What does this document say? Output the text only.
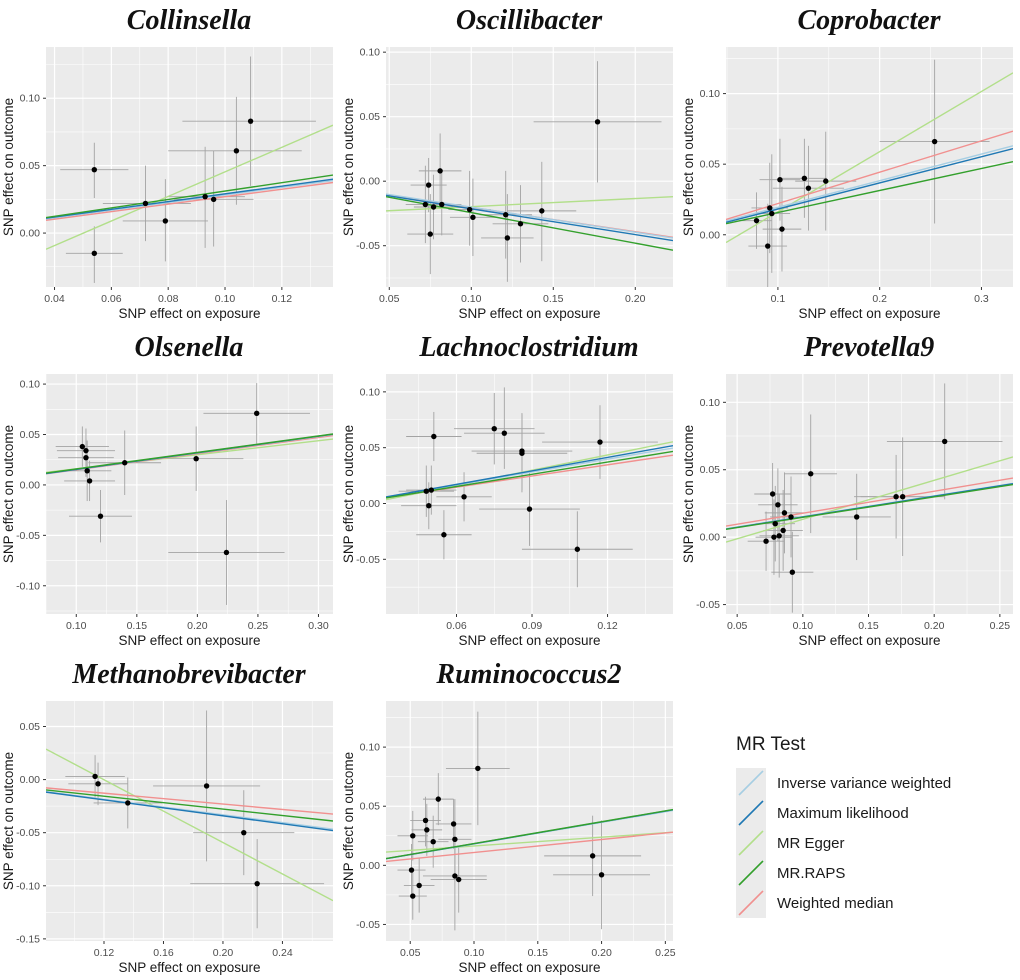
Collinsella
0.04	0.06	0.08	0.10	0.12
0.00
0.05
0.10
SNP effect on exposure
SNP effect on outcome
Oscillibacter
0.05	0.10	0.15	0.20
-0.05
0.00
0.05
0.10
SNP effect on exposure
SNP effect on outcome
Coprobacter
0.1	0.2	0.3
0.00
0.05
0.10
SNP effect on exposure
SNP effect on outcome
Olsenella
0.10	0.15	0.20	0.25	0.30
-0.10
-0.05
0.00
0.05
0.10
SNP effect on exposure
SNP effect on outcome
Lachnoclostridium
0.06	0.09	0.12
-0.05
0.00
0.05
0.10
SNP effect on exposure
SNP effect on outcome
Prevotella9
0.05	0.10	0.15	0.20	0.25
-0.05
0.00
0.05
0.10
SNP effect on exposure
SNP effect on outcome
Methanobrevibacter
0.12	0.16	0.20	0.24
-0.15
-0.10
-0.05
0.00
0.05
SNP effect on exposure
SNP effect on outcome
Ruminococcus2
0.05	0.10	0.15	0.20	0.25
-0.05
0.00
0.05
0.10
SNP effect on exposure
SNP effect on outcome
MR Test
Inverse variance weighted
Maximum likelihood
MR Egger
MR.RAPS
Weighted median
